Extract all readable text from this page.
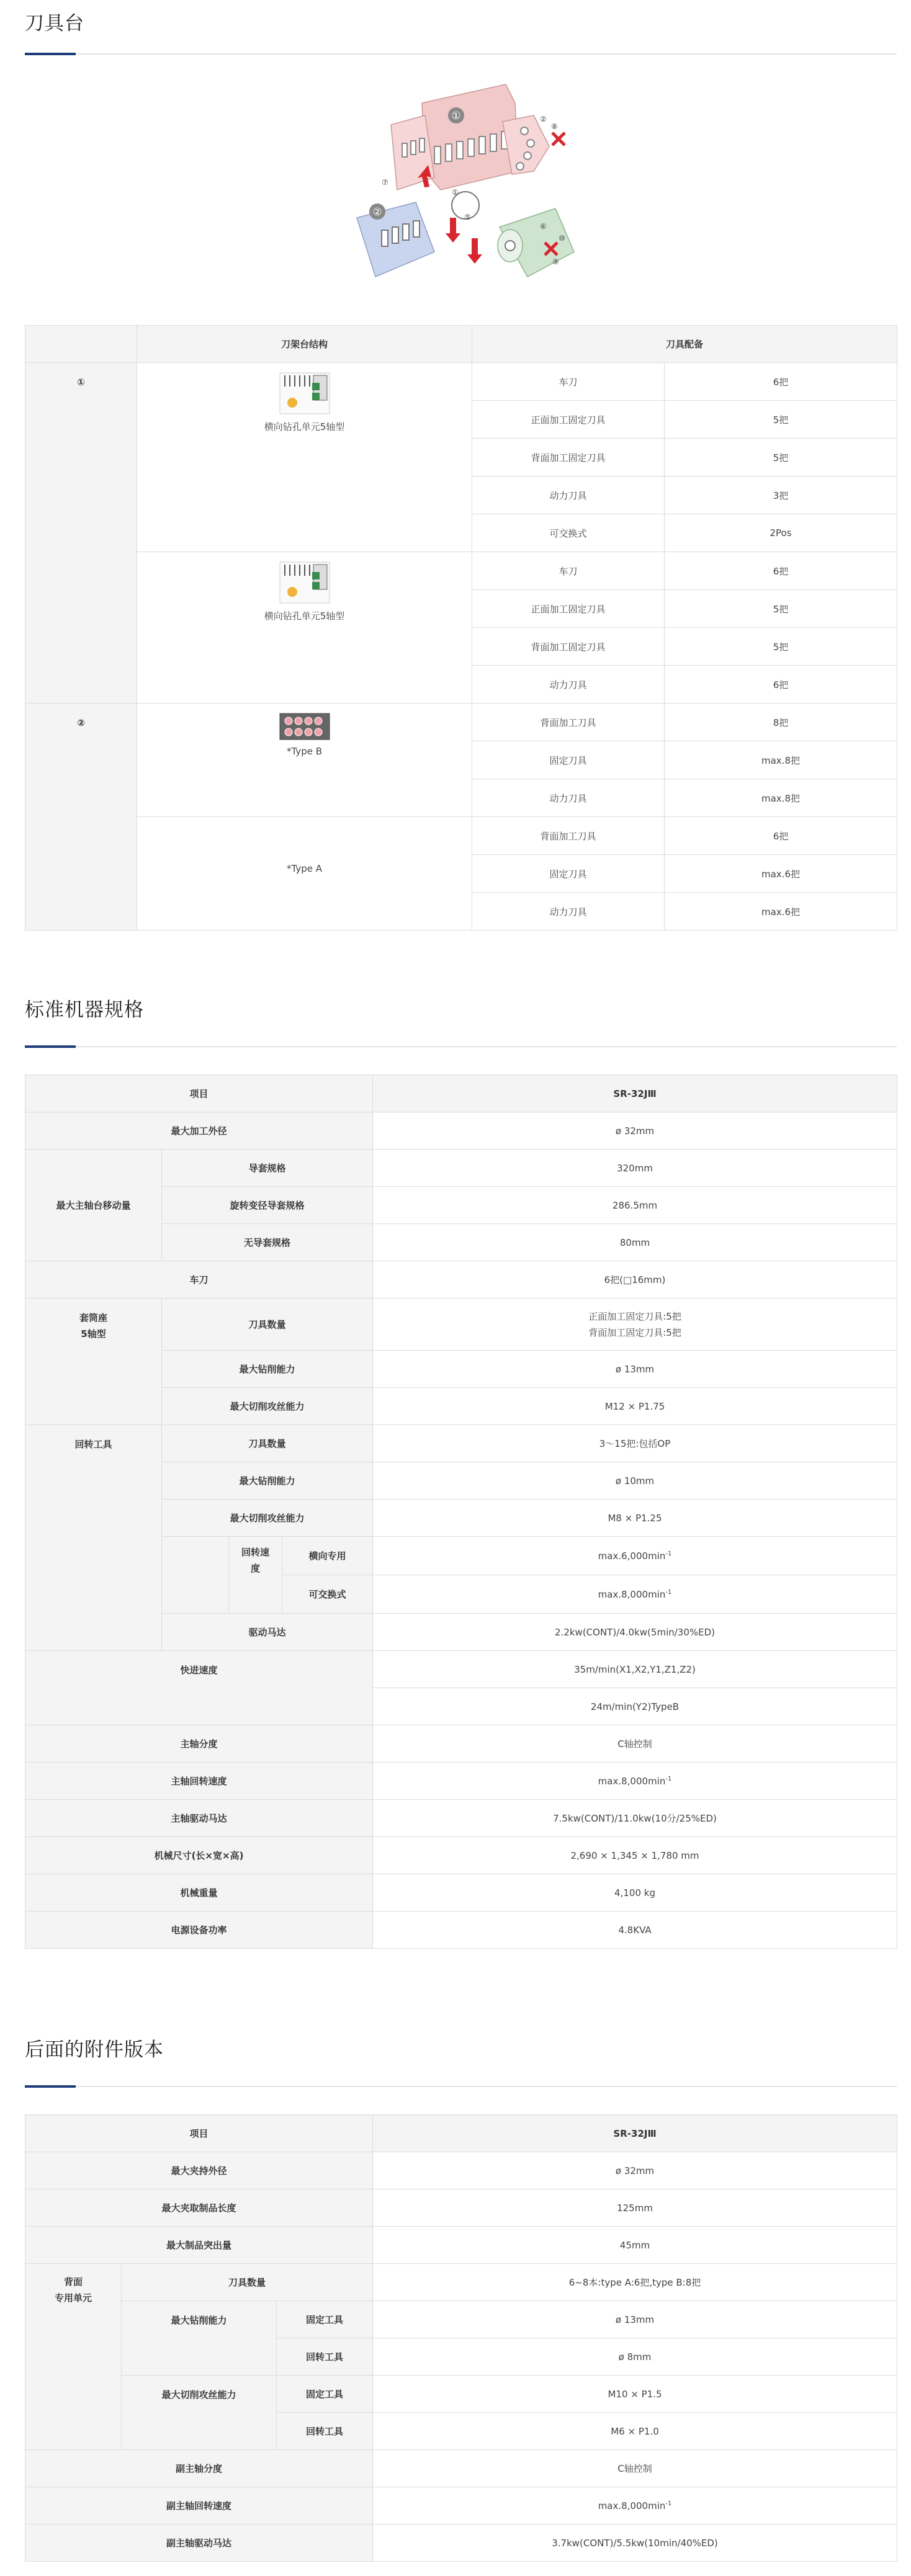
刀具台
①
②
②
⑧
⑦
①
⑤
⑥
⑩
⑨
	刀架台结构	刀具配备	
①	横向钻孔单元5轴型	车刀	6把
		正面加工固定刀具	5把
		背面加工固定刀具	5把
		动力刀具	3把
		可交换式	2Pos

	横向钻孔单元5轴型	车刀	6把
		正面加工固定刀具	5把
		背面加工固定刀具	5把
		动力刀具	6把
②	*Type B	背面加工刀具	8把
		固定刀具	max.8把
		动力刀具	max.8把

	*Type A	背面加工刀具	6把
		固定刀具	max.6把
		动力刀具	max.6把
标准机器规格
项目				SR-32JⅢ
最大加工外径				ø 32mm
最大主轴台移动量	导套规格			320mm
	旋转变径导套规格			286.5mm
	无导套规格			80mm
车刀				6把(□16mm)

套筒座
5轴型	刀具数量			正面加工固定刀具:5把
背面加工固定刀具:5把

	最大钻削能力			ø 13mm
	最大切削攻丝能力			M12 × P1.75
回转工具	刀具数量			3～15把:包括OP
	最大钻削能力			ø 10mm
	最大切削攻丝能力			M8 × P1.25

		回转速
度	横向专用	$\max.6,000\min^{-1}$
			可交换式	$\max.8,000\min^{-1}$
	驱动马达			2.2kw(CONT)/4.0kw(5min/30%ED)
快进速度				35m/min(X1,X2,Y1,Z1,Z2)
				24m/min(Y2)TypeB
主轴分度				C轴控制
主轴回转速度				$\max.8,000\min^{-1}$
主轴驱动马达				7.5kw(CONT)/11.0kw(10分/25%ED)
机械尺寸(长×宽×高)				2,690 × 1,345 × 1,780 mm
机械重量				4,100 kg
电源设备功率				4.8KVA
后面的附件版本
项目			SR-32JⅢ
最大夹持外径			ø 32mm
最大夹取制品长度			125mm
最大制品突出量			45mm

背面
专用单元	刀具数量		6~8本:type A:6把,type B:8把
	最大钻削能力	固定工具	ø 13mm
		回转工具	ø 8mm
	最大切削攻丝能力	固定工具	M10 × P1.5
		回转工具	M6 × P1.0
副主轴分度			C轴控制
副主轴回转速度			$\max.8,000\min^{-1}$
副主轴驱动马达			3.7kw(CONT)/5.5kw(10min/40%ED)
